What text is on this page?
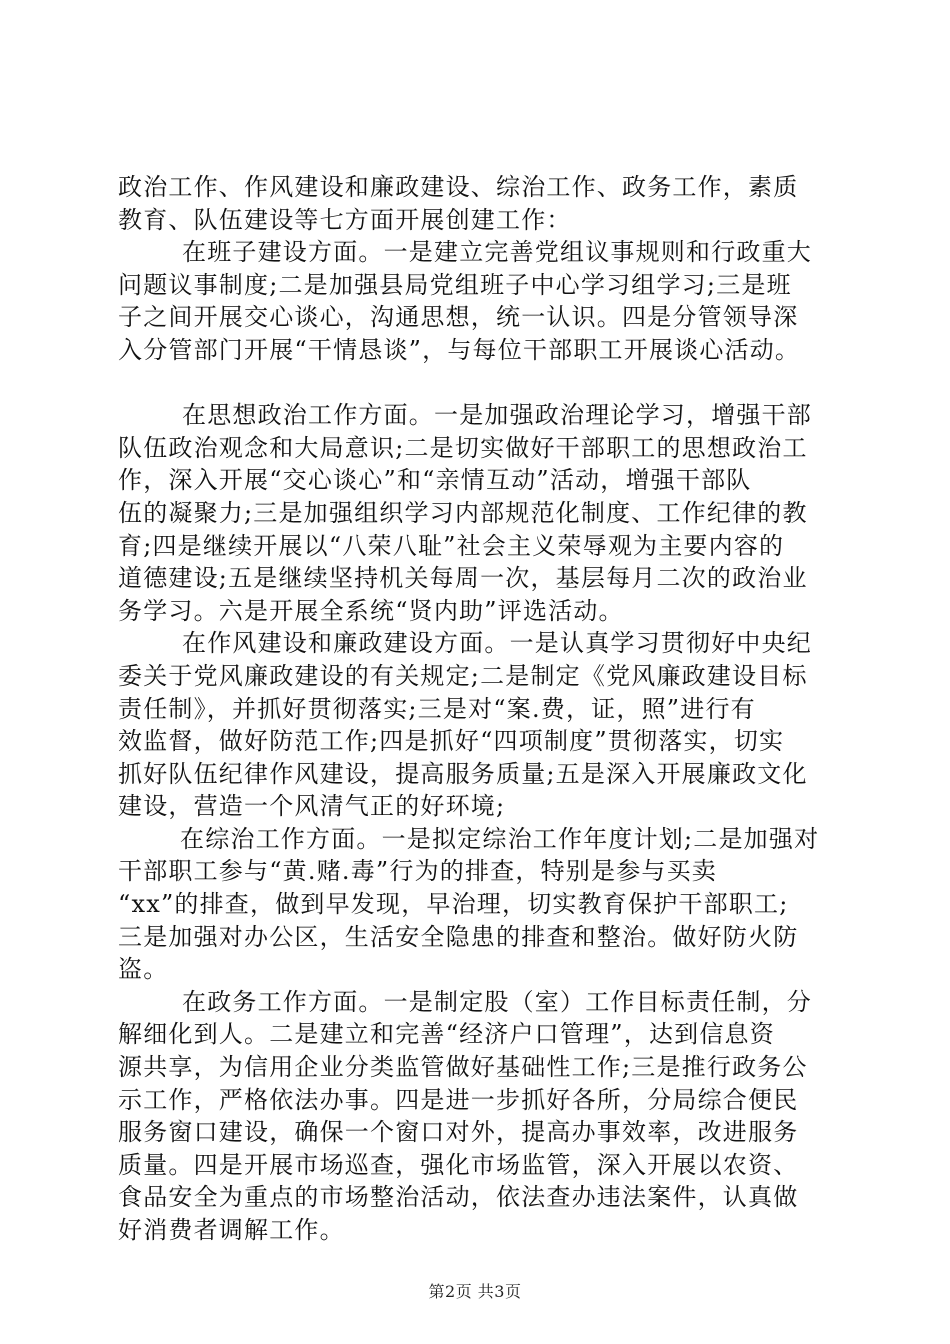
政治工作、作风建设和廉政建设、综治工作、政务工作，素质
教育、队伍建设等七方面开展创建工作：
在班子建设方面。一是建立完善党组议事规则和行政重大
问题议事制度;二是加强县局党组班子中心学习组学习;三是班
子之间开展交心谈心，沟通思想，统一认识。四是分管领导深
入分管部门开展“干情恳谈”，与每位干部职工开展谈心活动。
在思想政治工作方面。一是加强政治理论学习，增强干部
队伍政治观念和大局意识;二是切实做好干部职工的思想政治工
作，深入开展“交心谈心”和“亲情互动”活动，增强干部队
伍的凝聚力;三是加强组织学习内部规范化制度、工作纪律的教
育;四是继续开展以“八荣八耻”社会主义荣辱观为主要内容的
道德建设;五是继续坚持机关每周一次，基层每月二次的政治业
务学习。六是开展全系统“贤内助”评选活动。
在作风建设和廉政建设方面。一是认真学习贯彻好中央纪
委关于党风廉政建设的有关规定;二是制定《党风廉政建设目标
责任制》，并抓好贯彻落实;三是对“案.费，证，照”进行有
效监督，做好防范工作;四是抓好“四项制度”贯彻落实，切实
抓好队伍纪律作风建设，提高服务质量;五是深入开展廉政文化
建设，营造一个风清气正的好环境;
在综治工作方面。一是拟定综治工作年度计划;二是加强对
干部职工参与“黄.赌.毒”行为的排查，特别是参与买卖
“xx”的排查，做到早发现，早治理，切实教育保护干部职工;
三是加强对办公区，生活安全隐患的排查和整治。做好防火防
盗。
在政务工作方面。一是制定股（室）工作目标责任制，分
解细化到人。二是建立和完善“经济户口管理”，达到信息资
源共享，为信用企业分类监管做好基础性工作;三是推行政务公
示工作，严格依法办事。四是进一步抓好各所，分局综合便民
服务窗口建设，确保一个窗口对外，提高办事效率，改进服务
质量。四是开展市场巡查，强化市场监管，深入开展以农资、
食品安全为重点的市场整治活动，依法查办违法案件，认真做
好消费者调解工作。
第2页 共3页
